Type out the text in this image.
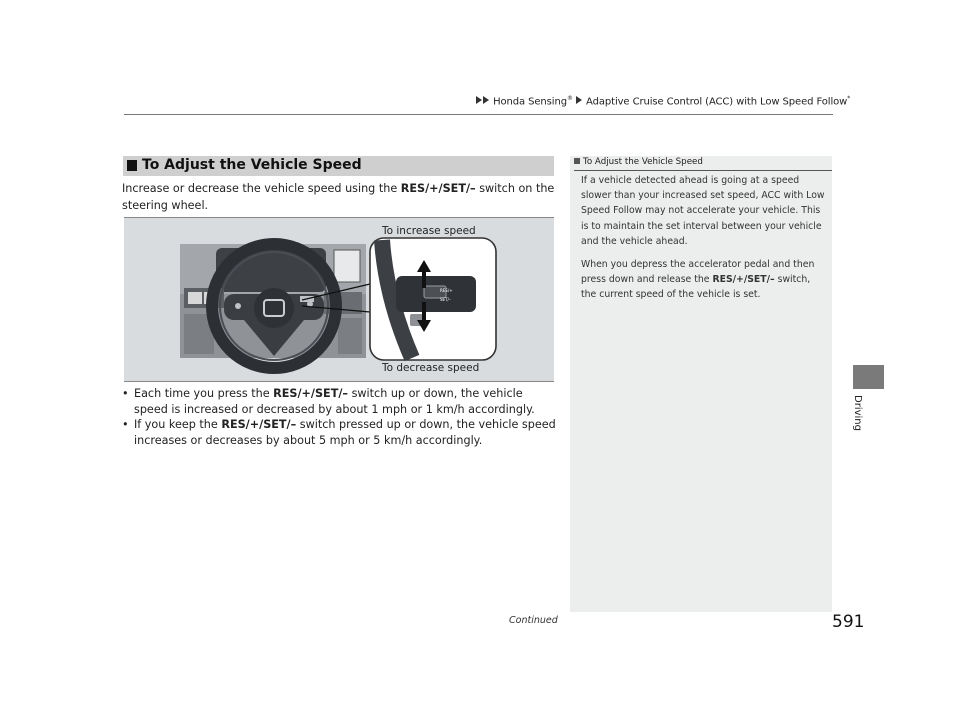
Honda Sensing® Adaptive Cruise Control (ACC) with Low Speed Follow*
Driving
To Adjust the Vehicle Speed
Increase or decrease the vehicle speed using the RES/+/SET/– switch on the steering wheel.
RES/+
SET/–
To increase speed
To decrease speed

• Each time you press the RES/+/SET/– switch up or down, the vehicle speed is increased or decreased by about 1 mph or 1 km/h accordingly.

• If you keep the RES/+/SET/– switch pressed up or down, the vehicle speed increases or decreases by about 5 mph or 5 km/h accordingly.

To Adjust the Vehicle Speed

If a vehicle detected ahead is going at a speed slower than your increased set speed, ACC with Low Speed Follow may not accelerate your vehicle. This is to maintain the set interval between your vehicle and the vehicle ahead.

When you depress the accelerator pedal and then press down and release the RES/+/SET/– switch, the current speed of the vehicle is set.

Continued	591
